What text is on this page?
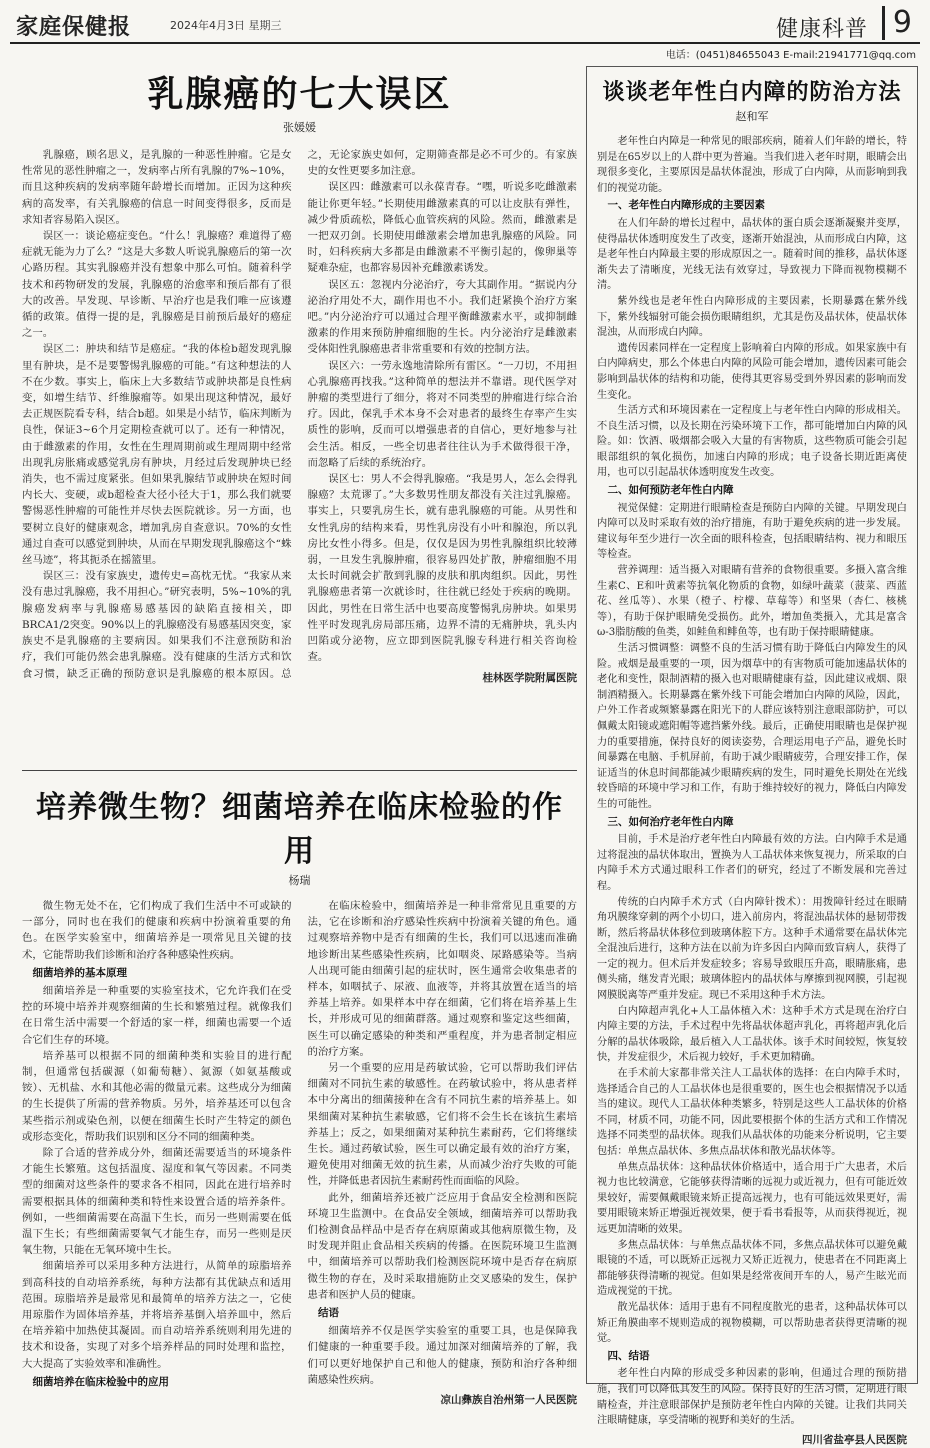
家庭保健报	2024年4月3日 星期三	健康科普 9
电话：(0451)84655043 E-mail:21941771@qq.com
乳腺癌的七大误区
张媛媛

乳腺癌，顾名思义，是乳腺的一种恶性肿瘤。它是女性常见的恶性肿瘤之一，发病率占所有乳腺的7%~10%，而且这种疾病的发病率随年龄增长而增加。正因为这种疾病的高发率，有关乳腺癌的信息一时间变得很多，反而是求知者容易陷入误区。

误区一：谈论癌症变色。“什么！乳腺癌？难道得了癌症就无能为力了么？”这是大多数人听说乳腺癌后的第一次心路历程。其实乳腺癌并没有想象中那么可怕。随着科学技术和药物研发的发展，乳腺癌的治愈率和预后都有了很大的改善。早发现、早诊断、早治疗也是我们唯一应该遵循的政策。值得一提的是，乳腺癌是目前预后最好的癌症之一。

误区二：肿块和结节是癌症。“我的体检b超发现乳腺里有肿块，是不是要警惕乳腺癌的可能。”有这种想法的人不在少数。事实上，临床上大多数结节或肿块都是良性病变，如增生结节、纤维腺瘤等。如果出现这种情况，最好去正规医院看专科，结合b超。如果是小结节，临床判断为良性，保证3~6个月定期检查就可以了。还有一种情况，由于雌激素的作用，女性在生理周期前或生理周期中经常出现乳房胀痛或感觉乳房有肿块，月经过后发现肿块已经消失，也不需过度紧张。但如果乳腺结节或肿块在短时间内长大、变硬，或b超检查大径小径大于1，那么我们就要警惕恶性肿瘤的可能性并尽快去医院就诊。另一方面，也要树立良好的健康观念，增加乳房自查意识。70%的女性通过自查可以感觉到肿块，从而在早期发现乳腺癌这个“蛛丝马迹”，将其扼杀在摇篮里。

误区三：没有家族史，遗传史=高枕无忧。“我家从来没有患过乳腺癌，我不用担心。”研究表明，5%~10%的乳腺癌发病率与乳腺癌易感基因的缺陷直接相关，即BRCA1/2突变。90%以上的乳腺癌没有易感基因突变，家族史不是乳腺癌的主要病因。如果我们不注意预防和治疗，我们可能仍然会患乳腺癌。没有健康的生活方式和饮食习惯，缺乏正确的预防意识是乳腺癌的根本原因。总之，无论家族史如何，定期筛查都是必不可少的。有家族史的女性更要多加注意。

误区四：雌激素可以永葆青春。“嘿，听说多吃雌激素能让你更年轻。”长期使用雌激素真的可以让皮肤有弹性，减少骨质疏松，降低心血管疾病的风险。然而，雌激素是一把双刃剑。长期使用雌激素会增加患乳腺癌的风险。同时，妇科疾病大多都是由雌激素不平衡引起的，像卵巢等疑难杂症，也都容易因补充雌激素诱发。

误区五：忽视内分泌治疗，夸大其副作用。“据说内分泌治疗用处不大，副作用也不小。我们赶紧换个治疗方案吧。”内分泌治疗可以通过合理平衡雌激素水平，或抑制雌激素的作用来预防肿瘤细胞的生长。内分泌治疗是雌激素受体阳性乳腺癌患者非常重要和有效的控制方法。

误区六：一劳永逸地清除所有雷区。“一刀切，不用担心乳腺癌再找我。”这种简单的想法并不靠谱。现代医学对肿瘤的类型进行了细分，将对不同类型的肿瘤进行综合治疗。因此，保乳手术本身不会对患者的最终生存率产生实质性的影响，反而可以增强患者的自信心，更好地参与社会生活。相反，一些全切患者往往认为手术做得很干净，而忽略了后续的系统治疗。

误区七：男人不会得乳腺癌。“我是男人，怎么会得乳腺癌？太荒谬了。”大多数男性朋友都没有关注过乳腺癌。事实上，只要乳房生长，就有患乳腺癌的可能。从男性和女性乳房的结构来看，男性乳房没有小叶和腺泡，所以乳房比女性小得多。但是，仅仅是因为男性乳腺组织比较薄弱，一旦发生乳腺肿瘤，很容易四处扩散，肿瘤细胞不用太长时间就会扩散到乳腺的皮肤和肌肉组织。因此，男性乳腺癌患者第一次就诊时，往往就已经处于疾病的晚期。因此，男性在日常生活中也要高度警惕乳房肿块。如果男性平时发现乳房局部压痛，边界不清的无痛肿块，乳头内凹陷或分泌物，应立即到医院乳腺专科进行相关咨询检查。

桂林医学院附属医院
培养微生物？细菌培养在临床检验的作用
杨瑞

微生物无处不在，它们构成了我们生活中不可或缺的一部分，同时也在我们的健康和疾病中扮演着重要的角色。在医学实验室中，细菌培养是一项常见且关键的技术，它能帮助我们诊断和治疗各种感染性疾病。

细菌培养的基本原理

细菌培养是一种重要的实验室技术，它允许我们在受控的环境中培养并观察细菌的生长和繁殖过程。就像我们在日常生活中需要一个舒适的家一样，细菌也需要一个适合它们生存的环境。

培养基可以根据不同的细菌种类和实验目的进行配制，但通常包括碳源（如葡萄糖）、氮源（如氨基酸或铵）、无机盐、水和其他必需的微量元素。这些成分为细菌的生长提供了所需的营养物质。另外，培养基还可以包含某些指示剂或染色剂，以便在细菌生长时产生特定的颜色或形态变化，帮助我们识别和区分不同的细菌种类。

除了合适的营养成分外，细菌还需要适当的环境条件才能生长繁殖。这包括温度、湿度和氧气等因素。不同类型的细菌对这些条件的要求各不相同，因此在进行培养时需要根据具体的细菌种类和特性来设置合适的培养条件。例如，一些细菌需要在高温下生长，而另一些则需要在低温下生长；有些细菌需要氧气才能生存，而另一些则是厌氧生物，只能在无氧环境中生长。

细菌培养可以采用多种方法进行，从简单的琼脂培养到高科技的自动培养系统，每种方法都有其优缺点和适用范围。琼脂培养是最常见和最简单的培养方法之一，它使用琼脂作为固体培养基，并将培养基倒入培养皿中，然后在培养箱中加热使其凝固。而自动培养系统则利用先进的技术和设备，实现了对多个培养样品的同时处理和监控，大大提高了实验效率和准确性。

细菌培养在临床检验中的应用

在临床检验中，细菌培养是一种非常常见且重要的方法，它在诊断和治疗感染性疾病中扮演着关键的角色。通过观察培养物中是否有细菌的生长，我们可以迅速而准确地诊断出某些感染性疾病，比如咽炎、尿路感染等。当病人出现可能由细菌引起的症状时，医生通常会收集患者的样本，如咽拭子、尿液、血液等，并将其放置在适当的培养基上培养。如果样本中存在细菌，它们将在培养基上生长，并形成可见的细菌群落。通过观察和鉴定这些细菌，医生可以确定感染的种类和严重程度，并为患者制定相应的治疗方案。

另一个重要的应用是药敏试验，它可以帮助我们评估细菌对不同抗生素的敏感性。在药敏试验中，将从患者样本中分离出的细菌接种在含有不同抗生素的培养基上。如果细菌对某种抗生素敏感，它们将不会生长在该抗生素培养基上；反之，如果细菌对某种抗生素耐药，它们将继续生长。通过药敏试验，医生可以确定最有效的治疗方案，避免使用对细菌无效的抗生素，从而减少治疗失败的可能性，并降低患者因抗生素耐药性而面临的风险。

此外，细菌培养还被广泛应用于食品安全检测和医院环境卫生监测中。在食品安全领域，细菌培养可以帮助我们检测食品样品中是否存在病原菌或其他病原微生物，及时发现并阻止食品相关疾病的传播。在医院环境卫生监测中，细菌培养可以帮助我们检测医院环境中是否存在病原微生物的存在，及时采取措施防止交叉感染的发生，保护患者和医护人员的健康。

结语

细菌培养不仅是医学实验室的重要工具，也是保障我们健康的一种重要手段。通过加深对细菌培养的了解，我们可以更好地保护自己和他人的健康，预防和治疗各种细菌感染性疾病。

凉山彝族自治州第一人民医院
谈谈老年性白内障的防治方法
赵和军

老年性白内障是一种常见的眼部疾病，随着人们年龄的增长，特别是在65岁以上的人群中更为普遍。当我们进入老年时期，眼睛会出现很多变化，主要原因是晶状体混浊，形成了白内障，从而影响到我们的视觉功能。

一、老年性白内障形成的主要因素

在人们年龄的增长过程中，晶状体的蛋白质会逐渐凝聚并变厚，使得晶状体透明度发生了改变，逐渐开始混浊，从而形成白内障，这是老年性白内障最主要的形成原因之一。随着时间的推移，晶状体逐渐失去了清晰度，光线无法有效穿过，导致视力下降而视物模糊不清。

紫外线也是老年性白内障形成的主要因素，长期暴露在紫外线下，紫外线辐射可能会损伤眼睛组织，尤其是伤及晶状体，使晶状体混浊，从而形成白内障。

遗传因素同样在一定程度上影响着白内障的形成。如果家族中有白内障病史，那么个体患白内障的风险可能会增加，遗传因素可能会影响到晶状体的结构和功能，使得其更容易受到外界因素的影响而发生变化。

生活方式和环境因素在一定程度上与老年性白内障的形成相关。不良生活习惯，以及长期在污染环境下工作，都可能增加白内障的风险。如：饮酒、吸烟都会吸入大量的有害物质，这些物质可能会引起眼部组织的氧化损伤，加速白内障的形成；电子设备长期近距离使用，也可以引起晶状体透明度发生改变。

二、如何预防老年性白内障

视觉保健：定期进行眼睛检查是预防白内障的关键。早期发现白内障可以及时采取有效的治疗措施，有助于避免疾病的进一步发展。建议每年至少进行一次全面的眼科检查，包括眼睛结构、视力和眼压等检查。

营养调理：适当摄入对眼睛有营养的食物很重要。多摄入富含维生素C、E和叶黄素等抗氧化物质的食物，如绿叶蔬菜（菠菜、西蓝花、丝瓜等）、水果（橙子、柠檬、草莓等）和坚果（杏仁、核桃等），有助于保护眼睛免受损伤。此外，增加鱼类摄入，尤其是富含ω-3脂肪酸的鱼类，如鲑鱼和鲱鱼等，也有助于保持眼睛健康。

生活习惯调整：调整不良的生活习惯有助于降低白内障发生的风险。戒烟是最重要的一项，因为烟草中的有害物质可能加速晶状体的老化和变性，限制酒精的摄入也对眼睛健康有益，因此建议戒烟、限制酒精摄入。长期暴露在紫外线下可能会增加白内障的风险，因此，户外工作者或频繁暴露在阳光下的人群应该特别注意眼部防护，可以佩戴太阳镜或遮阳帽等遮挡紫外线。最后，正确使用眼睛也是保护视力的重要措施，保持良好的阅读姿势，合理运用电子产品，避免长时间暴露在电脑、手机屏前，有助于减少眼睛疲劳，合理安排工作，保证适当的休息时间都能减少眼睛疾病的发生，同时避免长期处在光线较昏暗的环境中学习和工作，有助于维持较好的视力，降低白内障发生的可能性。

三、如何治疗老年性白内障

目前，手术是治疗老年性白内障最有效的方法。白内障手术是通过将混浊的晶状体取出，置换为人工晶状体来恢复视力，所采取的白内障手术方式通过眼科工作者们的研究，经过了不断发展和完善过程。

传统的白内障手术方式（白内障针拨术）：用拨障针经过在眼睛角巩膜缘穿刺的两个小切口，进入前房内，将混浊晶状体的悬韧带拨断，然后将晶状体移位到玻璃体腔下方。这种手术通常要在晶状体完全混浊后进行，这种方法在以前为许多因白内障而致盲病人，获得了一定的视力。但术后并发症较多；容易导致眼压升高，眼睛胀痛，患侧头痛，继发青光眼；玻璃体腔内的晶状体与摩擦到视网膜，引起视网膜脱离等严重并发症。现已不采用这种手术方法。

白内障超声乳化+人工晶体植入术：这种手术方式是现在治疗白内障主要的方法，手术过程中先将晶状体超声乳化，再将超声乳化后分解的晶状体吸除，最后植入人工晶状体。该手术时间较短，恢复较快，并发症很少，术后视力较好，手术更加精确。

在手术前大家都非常关注人工晶状体的选择：在白内障手术时，选择适合自己的人工晶状体也是很重要的，医生也会根据情况予以适当的建议。现代人工晶状体种类繁多，特别是这些人工晶状体的价格不同，材质不同，功能不同，因此要根据个体的生活方式和工作情况选择不同类型的晶状体。现我们从晶状体的功能来分析说明，它主要包括：单焦点晶状体、多焦点晶状体和散光晶状体等。

单焦点晶状体：这种晶状体价格适中，适合用于广大患者，术后视力也比较满意，它能够获得清晰的远视力或近视力，但有可能近效果较好，需要佩戴眼镜来矫正提高远视力，也有可能远效果更好，需要用眼镜来矫正增强近视效果，便于看书看报等，从而获得视近，视远更加清晰的效果。

多焦点晶状体：与单焦点晶状体不同，多焦点晶状体可以避免戴眼镜的不适，可以既矫正远视力又矫正近视力，使患者在不同距离上都能够获得清晰的视觉。但如果是经常夜间开车的人，易产生眩光而造成视觉的干扰。

散光晶状体：适用于患有不同程度散光的患者，这种晶状体可以矫正角膜曲率不规则造成的视物模糊，可以帮助患者获得更清晰的视觉。

四、结语

老年性白内障的形成受多种因素的影响，但通过合理的预防措施，我们可以降低其发生的风险。保持良好的生活习惯，定期进行眼睛检查，并注意眼部保护是预防老年性白内障的关键。让我们共同关注眼睛健康，享受清晰的视野和美好的生活。

四川省盐亭县人民医院
